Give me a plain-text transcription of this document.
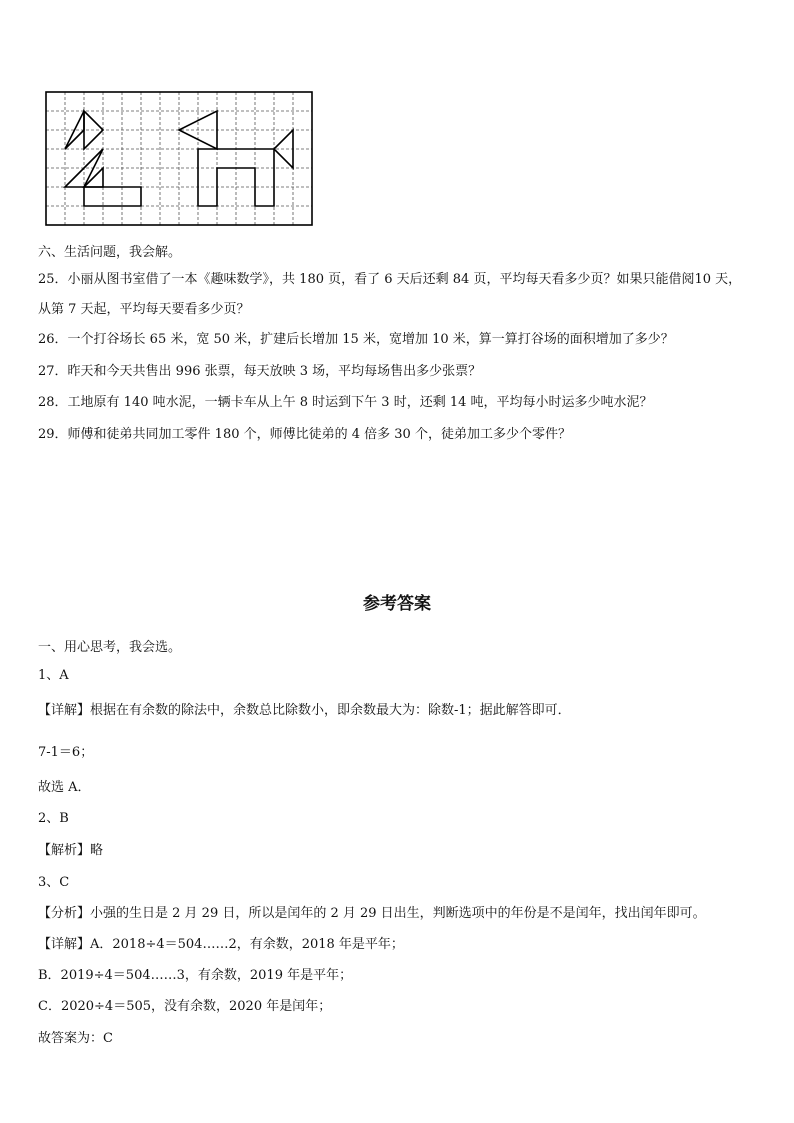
六、生活问题，我会解。
25．小丽从图书室借了一本《趣味数学》，共 180 页，看了 6 天后还剩 84 页，平均每天看多少页？如果只能借阅10 天，
从第 7 天起，平均每天要看多少页？
26．一个打谷场长 65 米，宽 50 米，扩建后长增加 15 米，宽增加 10 米，算一算打谷场的面积增加了多少？
27．昨天和今天共售出 996 张票，每天放映 3 场，平均每场售出多少张票？
28．工地原有 140 吨水泥，一辆卡车从上午 8 时运到下午 3 时，还剩 14 吨，平均每小时运多少吨水泥？
29．师傅和徒弟共同加工零件 180 个，师傅比徒弟的 4 倍多 30 个，徒弟加工多少个零件？
参考答案
一、用心思考，我会选。
1、A
【详解】根据在有余数的除法中，余数总比除数小，即余数最大为：除数-1；据此解答即可．
7-1＝6；
故选 A．
2、B
【解析】略
3、C
【分析】小强的生日是 2 月 29 日，所以是闰年的 2 月 29 日出生，判断选项中的年份是不是闰年，找出闰年即可。
【详解】A．2018÷4＝504……2，有余数，2018 年是平年；
B．2019÷4＝504……3，有余数，2019 年是平年；
C．2020÷4＝505，没有余数，2020 年是闰年；
故答案为：C
